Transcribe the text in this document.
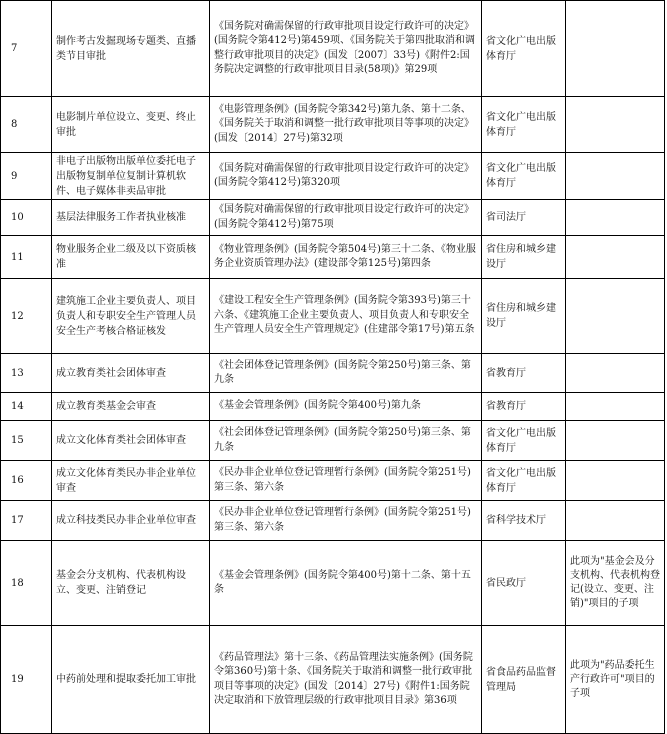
7	制作考古发掘现场专题类、直播类节目审批	《国务院对确需保留的行政审批项目设定行政许可的决定》(国务院令第412号)第459项、《国务院关于第四批取消和调整行政审批项目的决定》(国发〔2007〕33号)《附件2:国务院决定调整的行政审批项目目录(58项)》第29项	省文化广电出版体育厅	
8	电影制片单位设立、变更、终止审批	《电影管理条例》(国务院令第342号)第九条、第十二条、《国务院关于取消和调整一批行政审批项目等事项的决定》(国发〔2014〕27号)第32项	省文化广电出版体育厅	
9	非电子出版物出版单位委托电子出版物复制单位复制计算机软件、电子媒体非卖品审批	《国务院对确需保留的行政审批项目设定行政许可的决定》(国务院令第412号)第320项	省文化广电出版体育厅	
10	基层法律服务工作者执业核准	《国务院对确需保留的行政审批项目设定行政许可的决定》(国务院令第412号)第75项	省司法厅	
11	物业服务企业二级及以下资质核准	《物业管理条例》(国务院令第504号)第三十二条、《物业服务企业资质管理办法》(建设部令第125号)第四条	省住房和城乡建设厅	
12	建筑施工企业主要负责人、项目负责人和专职安全生产管理人员安全生产考核合格证核发	《建设工程安全生产管理条例》(国务院令第393号)第三十六条、《建筑施工企业主要负责人、项目负责人和专职安全生产管理人员安全生产管理规定》(住建部令第17号)第五条	省住房和城乡建设厅	
13	成立教育类社会团体审查	《社会团体登记管理条例》(国务院令第250号)第三条、第九条	省教育厅	
14	成立教育类基金会审查	《基金会管理条例》(国务院令第400号)第九条	省教育厅	
15	成立文化体育类社会团体审查	《社会团体登记管理条例》(国务院令第250号)第三条、第九条	省文化广电出版体育厅	
16	成立文化体育类民办非企业单位审查	《民办非企业单位登记管理暂行条例》(国务院令第251号)第三条、第六条	省文化广电出版体育厅	
17	成立科技类民办非企业单位审查	《民办非企业单位登记管理暂行条例》(国务院令第251号)第三条、第六条	省科学技术厅	
18	基金会分支机构、代表机构设立、变更、注销登记	《基金会管理条例》(国务院令第400号)第十二条、第十五条	省民政厅	此项为"基金会及分支机构、代表机构登记(设立、变更、注销)"项目的子项
19	中药前处理和提取委托加工审批	《药品管理法》第十三条、《药品管理法实施条例》(国务院令第360号)第十条、《国务院关于取消和调整一批行政审批项目等事项的决定》(国发〔2014〕27号)《附件1:国务院决定取消和下放管理层级的行政审批项目目录》第36项	省食品药品监督管理局	此项为"药品委托生产行政许可"项目的子项
